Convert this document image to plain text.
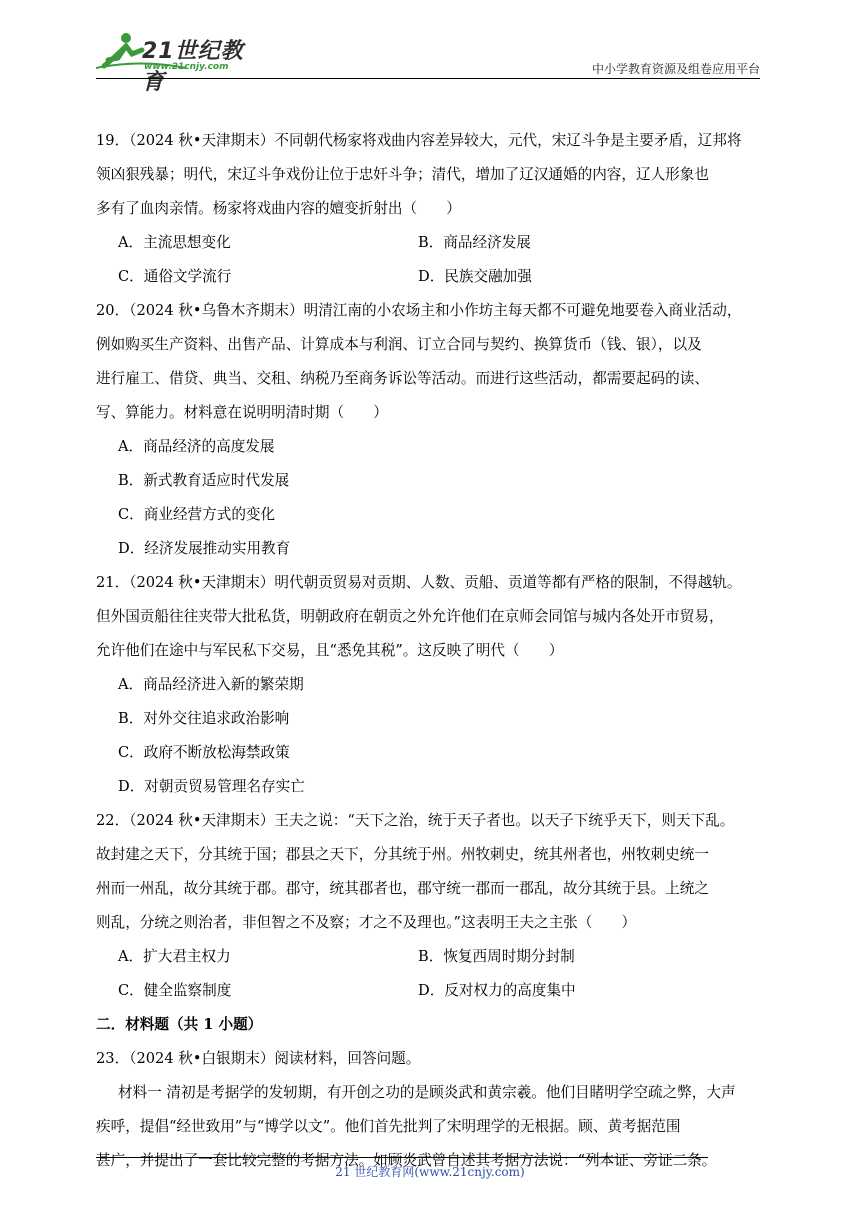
21世纪教育
www.21cnjy.com	中小学教育资源及组卷应用平台

19．（2024 秋•天津期末）不同朝代杨家将戏曲内容差异较大，元代，宋辽斗争是主要矛盾，辽邦将

领凶狠残暴；明代，宋辽斗争戏份让位于忠奸斗争；清代，增加了辽汉通婚的内容，辽人形象也

多有了血肉亲情。杨家将戏曲内容的嬗变折射出（　　）

A．主流思想变化	B．商品经济发展
C．通俗文学流行	D．民族交融加强

20．（2024 秋•乌鲁木齐期末）明清江南的小农场主和小作坊主每天都不可避免地要卷入商业活动，

例如购买生产资料、出售产品、计算成本与利润、订立合同与契约、换算货币（钱、银），以及

进行雇工、借贷、典当、交租、纳税乃至商务诉讼等活动。而进行这些活动，都需要起码的读、

写、算能力。材料意在说明明清时期（　　）

A．商品经济的高度发展
B．新式教育适应时代发展
C．商业经营方式的变化
D．经济发展推动实用教育

21．（2024 秋•天津期末）明代朝贡贸易对贡期、人数、贡船、贡道等都有严格的限制，不得越轨。

但外国贡船往往夹带大批私货，明朝政府在朝贡之外允许他们在京师会同馆与城内各处开市贸易，

允许他们在途中与军民私下交易，且“悉免其税”。这反映了明代（　　）

A．商品经济进入新的繁荣期
B．对外交往追求政治影响
C．政府不断放松海禁政策
D．对朝贡贸易管理名存实亡

22．（2024 秋•天津期末）王夫之说：“天下之治，统于天子者也。以天子下统乎天下，则天下乱。

故封建之天下，分其统于国；郡县之天下，分其统于州。州牧刺史，统其州者也，州牧刺史统一

州而一州乱，故分其统于郡。郡守，统其郡者也，郡守统一郡而一郡乱，故分其统于县。上统之

则乱，分统之则治者，非但智之不及察；才之不及理也。”这表明王夫之主张（　　）

A．扩大君主权力	B．恢复西周时期分封制
C．健全监察制度	D．反对权力的高度集中

二．材料题（共 1 小题）

23．（2024 秋•白银期末）阅读材料，回答问题。

材料一 清初是考据学的发轫期，有开创之功的是顾炎武和黄宗羲。他们目睹明学空疏之弊，大声

疾呼，提倡“经世致用”与“博学以文”。他们首先批判了宋明理学的无根据。顾、黄考据范围

甚广，并提出了一套比较完整的考据方法。如顾炎武曾自述其考据方法说：“列本证、旁证二条。

21 世纪教育网(www.21cnjy.com)
